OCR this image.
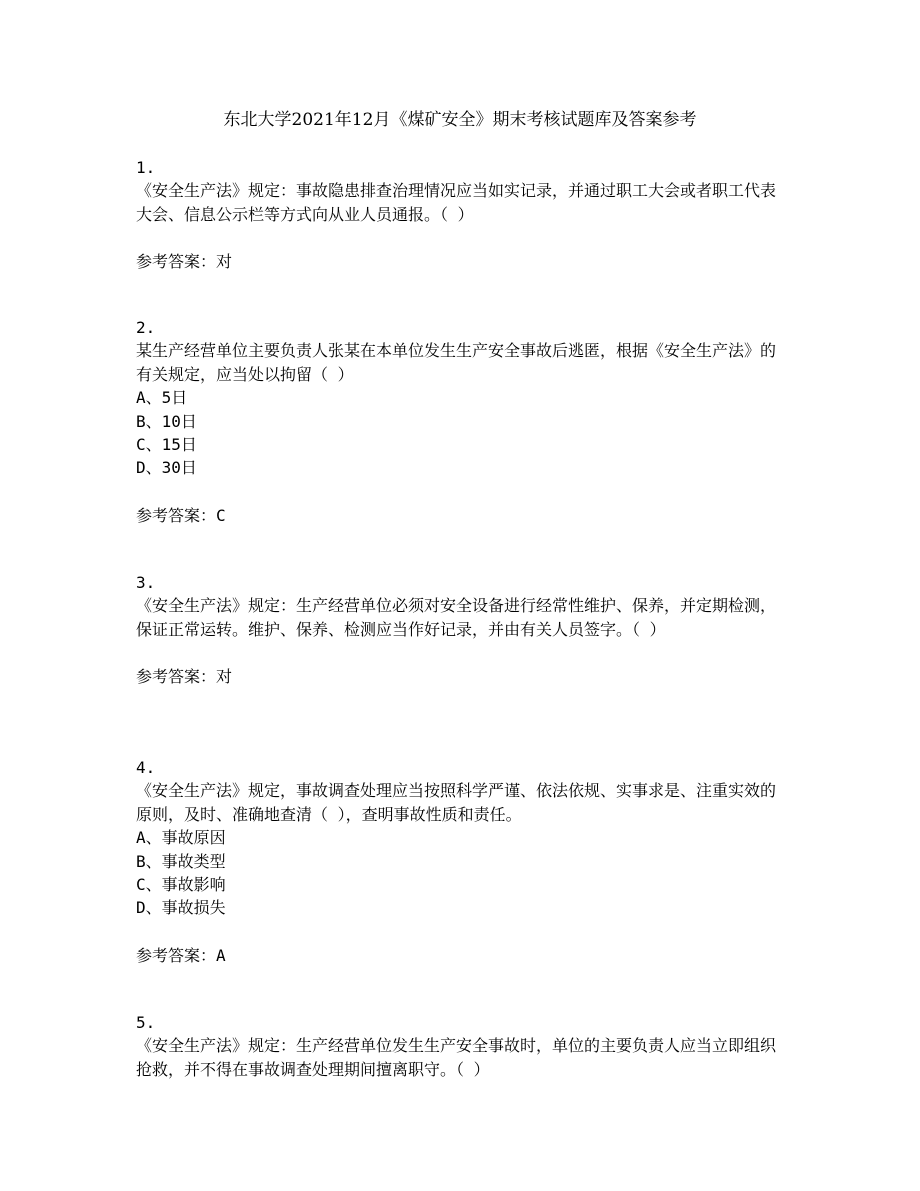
东北大学2021年12月《煤矿安全》期末考核试题库及答案参考

1.

《安全生产法》规定：事故隐患排查治理情况应当如实记录，并通过职工大会或者职工代表大会、信息公示栏等方式向从业人员通报。（ ）

参考答案：对

2.

某生产经营单位主要负责人张某在本单位发生生产安全事故后逃匿，根据《安全生产法》的有关规定，应当处以拘留（ ）

A、5日

B、10日

C、15日

D、30日

参考答案：C

3.

《安全生产法》规定：生产经营单位必须对安全设备进行经常性维护、保养，并定期检测，保证正常运转。维护、保养、检测应当作好记录，并由有关人员签字。（ ）

参考答案：对

4.

《安全生产法》规定，事故调查处理应当按照科学严谨、依法依规、实事求是、注重实效的原则，及时、准确地查清（ ），查明事故性质和责任。

A、事故原因

B、事故类型

C、事故影响

D、事故损失

参考答案：A

5.

《安全生产法》规定：生产经营单位发生生产安全事故时，单位的主要负责人应当立即组织抢救，并不得在事故调查处理期间擅离职守。（ ）
